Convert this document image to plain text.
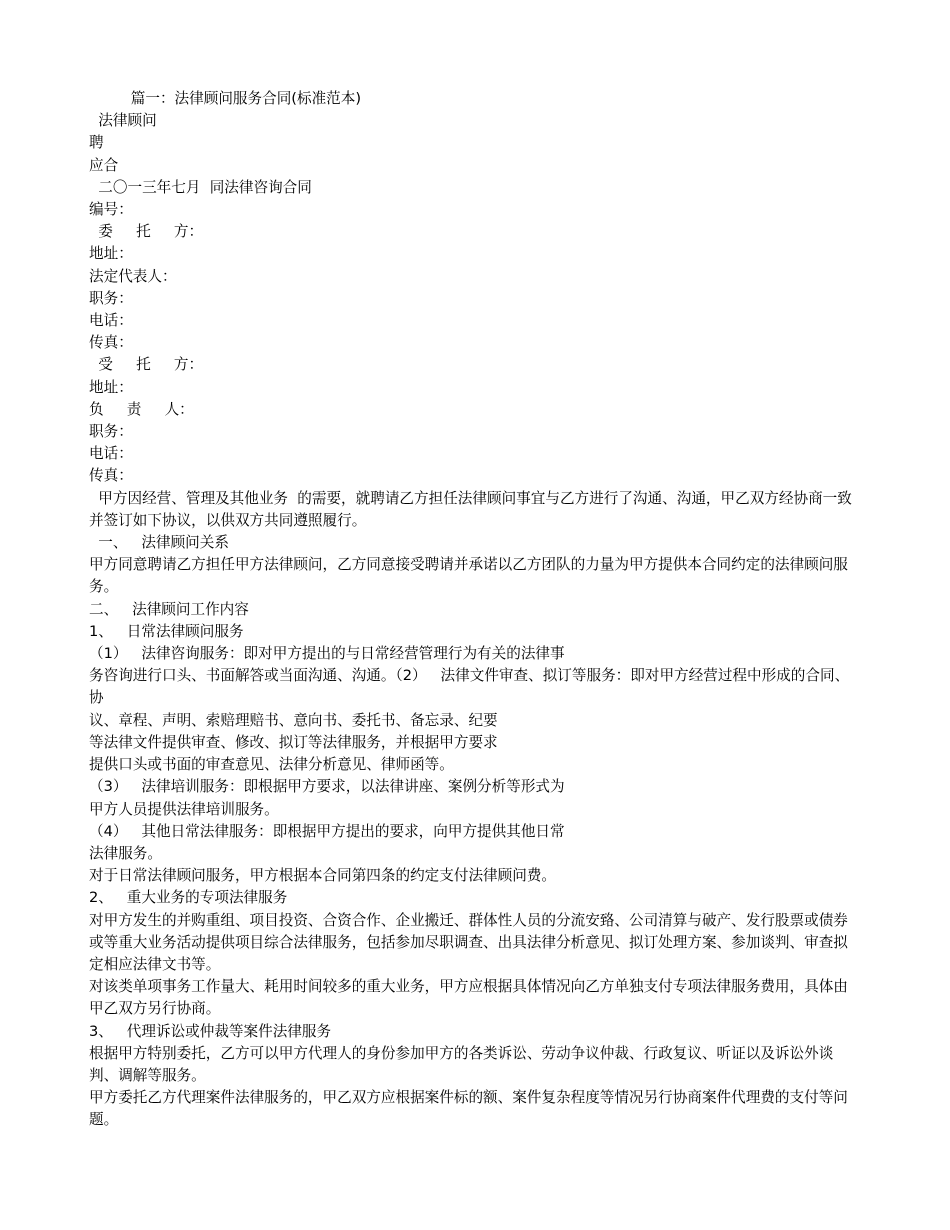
篇一：法律顾问服务合同(标准范本)

法律顾问

聘

应合

二〇一三年七月  同法律咨询合同

编号：

委     托     方：

地址：

法定代表人：

职务：

电话：

传真：

受     托     方：

地址：

负     责     人：

职务：

电话：

传真：

甲方因经营、管理及其他业务  的需要，就聘请乙方担任法律顾问事宜与乙方进行了沟通、沟通，甲乙双方经协商一致并签订如下协议，以供双方共同遵照履行。

一、   法律顾问关系

甲方同意聘请乙方担任甲方法律顾问，乙方同意接受聘请并承诺以乙方团队的力量为甲方提供本合同约定的法律顾问服务。

二、   法律顾问工作内容

1、   日常法律顾问服务

（1）   法律咨询服务：即对甲方提出的与日常经营管理行为有关的法律事

务咨询进行口头、书面解答或当面沟通、沟通。（2）   法律文件审查、拟订等服务：即对甲方经营过程中形成的合同、协

议、章程、声明、索赔理赔书、意向书、委托书、备忘录、纪要

等法律文件提供审查、修改、拟订等法律服务，并根据甲方要求

提供口头或书面的审查意见、法律分析意见、律师函等。

（3）   法律培训服务：即根据甲方要求，以法律讲座、案例分析等形式为

甲方人员提供法律培训服务。

（4）   其他日常法律服务：即根据甲方提出的要求，向甲方提供其他日常

法律服务。

对于日常法律顾问服务，甲方根据本合同第四条的约定支付法律顾问费。

2、   重大业务的专项法律服务

对甲方发生的并购重组、项目投资、合资合作、企业搬迁、群体性人员的分流安臵、公司清算与破产、发行股票或债券或等重大业务活动提供项目综合法律服务，包括参加尽职调查、出具法律分析意见、拟订处理方案、参加谈判、审查拟定相应法律文书等。

对该类单项事务工作量大、耗用时间较多的重大业务，甲方应根据具体情况向乙方单独支付专项法律服务费用，具体由甲乙双方另行协商。

3、   代理诉讼或仲裁等案件法律服务

根据甲方特别委托，乙方可以甲方代理人的身份参加甲方的各类诉讼、劳动争议仲裁、行政复议、听证以及诉讼外谈判、调解等服务。

甲方委托乙方代理案件法律服务的，甲乙双方应根据案件标的额、案件复杂程度等情况另行协商案件代理费的支付等问题。
